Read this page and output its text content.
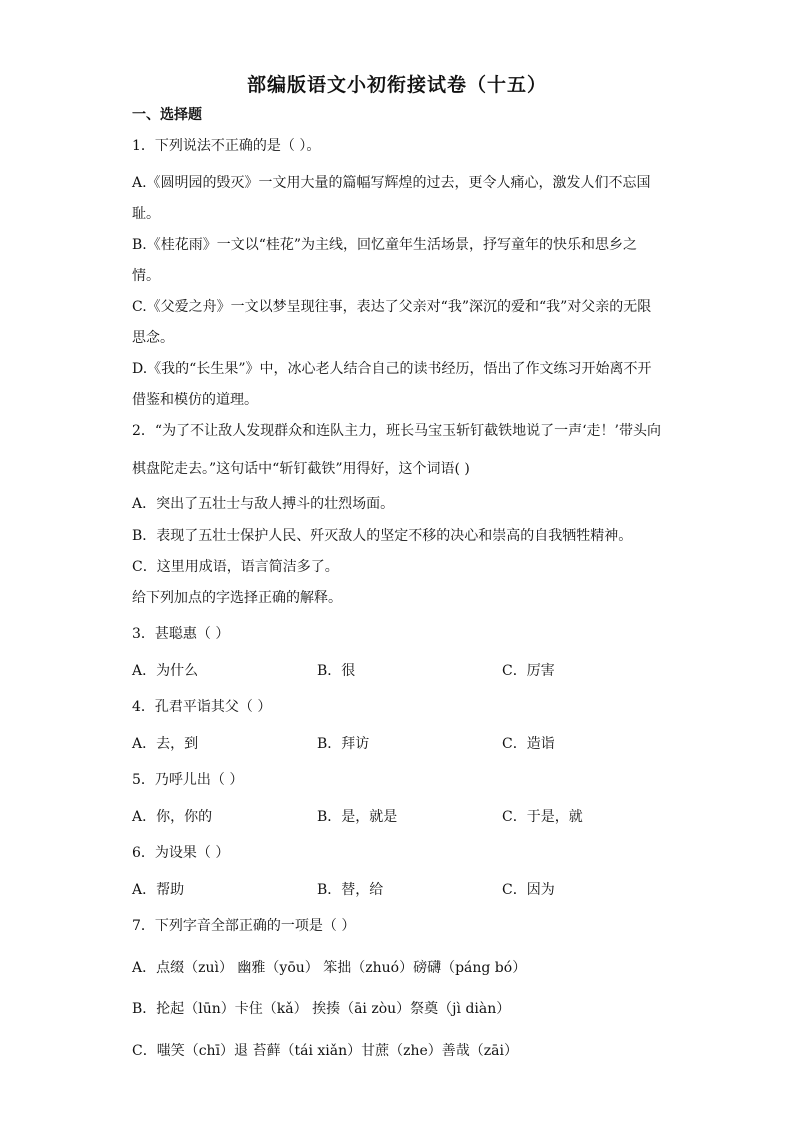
部编版语文小初衔接试卷（十五）
一、选择题
1．下列说法不正确的是（ ）。
A.《圆明园的毁灭》一文用大量的篇幅写辉煌的过去，更令人痛心，激发人们不忘国
耻。
B.《桂花雨》一文以“桂花”为主线，回忆童年生活场景，抒写童年的快乐和思乡之
情。
C.《父爱之舟》一文以梦呈现往事，表达了父亲对“我”深沉的爱和“我”对父亲的无限
思念。
D.《我的“长生果”》中，冰心老人结合自己的读书经历，悟出了作文练习开始离不开
借鉴和模仿的道理。
2．“为了不让敌人发现群众和连队主力，班长马宝玉斩钉截铁地说了一声‘走！’带头向
棋盘陀走去。”这句话中“斩钉截铁”用得好，这个词语( )
A．突出了五壮士与敌人搏斗的壮烈场面。
B．表现了五壮士保护人民、歼灭敌人的坚定不移的决心和崇高的自我牺牲精神。
C．这里用成语，语言简洁多了。
给下列加点的字选择正确的解释。
3．甚聪惠（ ）
A．为什么	B．很	C．厉害
4．孔君平诣其父（ ）
A．去，到	B．拜访	C．造诣
5．乃呼儿出（ ）
A．你，你的	B．是，就是	C．于是，就
6．为设果（ ）
A．帮助	B．替，给	C．因为
7．下列字音全部正确的一项是（ ）
A．点缀（zuì） 幽雅（yōu） 笨拙（zhuó）磅礴（páng bó）
B．抡起（lūn）卡住（kǎ） 挨揍（āi zòu）祭奠（jì diàn）
C．嗤笑（chī）退 苔藓（tái xiǎn）甘蔗（zhe）善哉（zāi）
